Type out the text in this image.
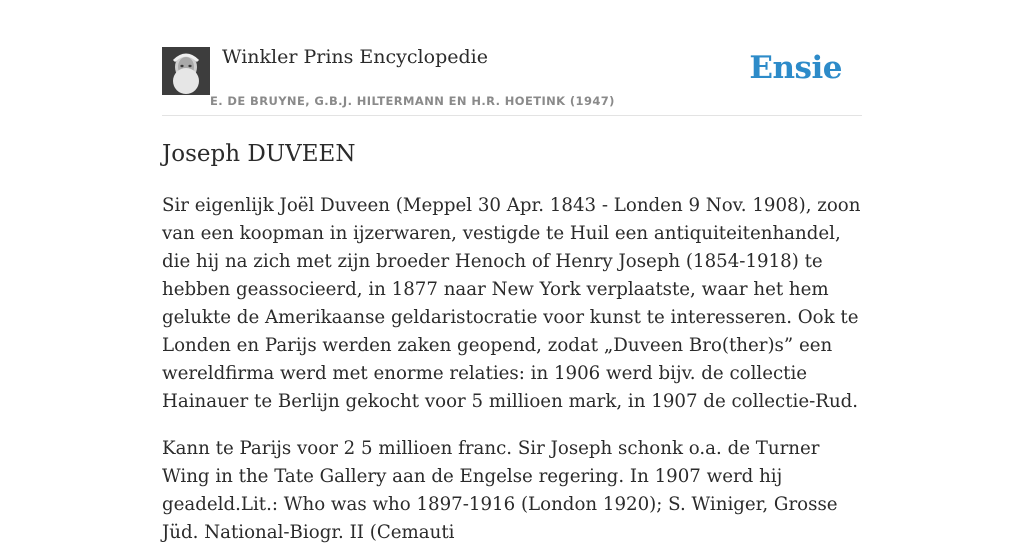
Winkler Prins Encyclopedie
E. DE BRUYNE, G.B.J. HILTERMANN EN H.R. HOETINK (1947)
Ensie
Joseph DUVEEN

Sir eigenlijk Joël Duveen (Meppel 30 Apr. 1843 - Londen 9 Nov. 1908), zoon van een koopman in ijzerwaren, vestigde te Huil een antiquiteitenhandel, die hij na zich met zijn broeder Henoch of Henry Joseph (1854-1918) te hebben geassocieerd, in 1877 naar New York verplaatste, waar het hem gelukte de Amerikaanse geldaristocratie voor kunst te interesseren. Ook te Londen en Parijs werden zaken geopend, zodat „Duveen Bro(ther)s” een wereldfirma werd met enorme relaties: in 1906 werd bijv. de collectie Hainauer te Berlijn gekocht voor 5 millioen mark, in 1907 de collectie-Rud.

Kann te Parijs voor 2 5 millioen franc. Sir Joseph schonk o.a. de Turner Wing in the Tate Gallery aan de Engelse regering. In 1907 werd hij geadeld.Lit.: Who was who 1897-1916 (London 1920); S. Winiger, Grosse Jüd. National-Biogr. II (Cemauti
